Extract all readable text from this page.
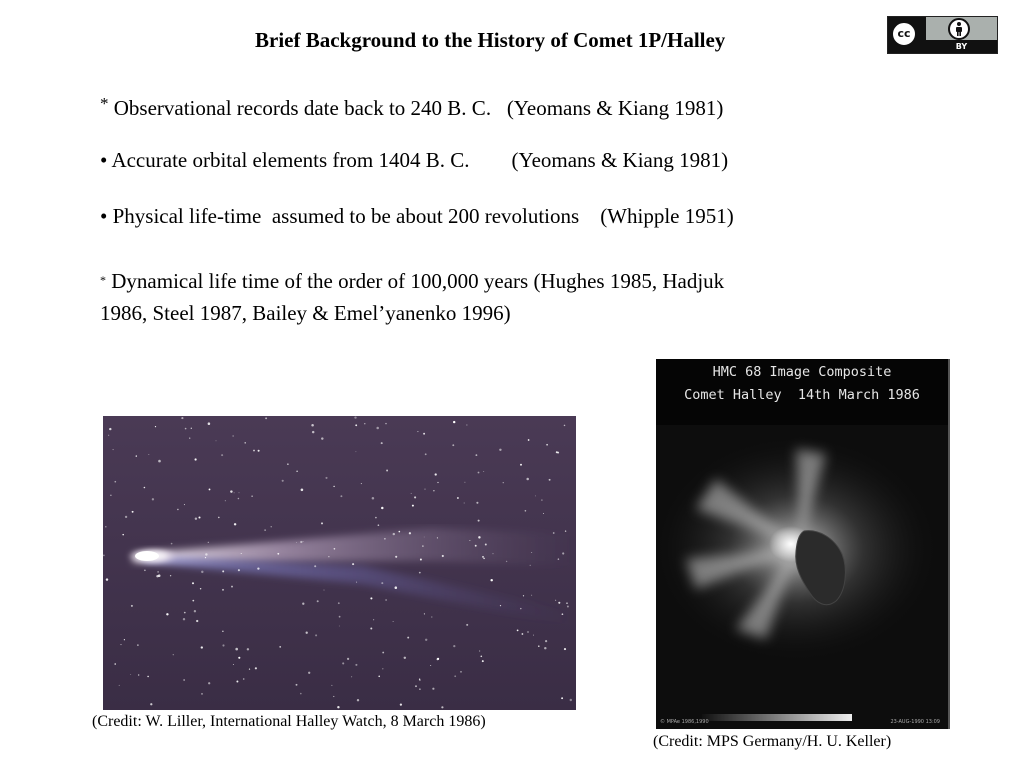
Brief Background to the History of Comet 1P/Halley	cc
BY
* Observational records date back to 240 B. C.   (Yeomans & Kiang 1981)
• Accurate orbital elements from 1404 B. C.        (Yeomans & Kiang 1981)
• Physical life-time  assumed to be about 200 revolutions    (Whipple 1951)
* Dynamical life time of the order of 100,000 years (Hughes 1985, Hadjuk
1986, Steel 1987, Bailey & Emel’yanenko 1996)
HMC 68 Image Composite
Comet Halley  14th March 1986
© MPAe 1986,1990	23-AUG-1990 13:09
(Credit: W. Liller, International Halley Watch, 8 March 1986)
(Credit: MPS Germany/H. U. Keller)
